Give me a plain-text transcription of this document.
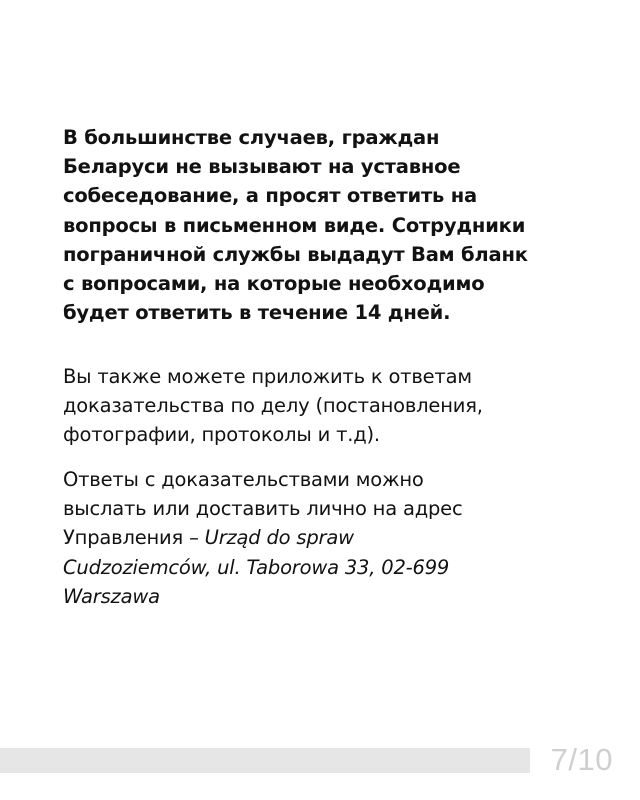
В большинстве случаев, граждан
Беларуси не вызывают на уставное
собеседование, а просят ответить на
вопросы в письменном виде. Сотрудники
пограничной службы выдадут Вам бланк
с вопросами, на которые необходимо
будет ответить в течение 14 дней.

Вы также можете приложить к ответам
доказательства по делу (постановления,
фотографии, протоколы и т.д).

Ответы с доказательствами можно
выслать или доставить лично на адрес
Управления – Urząd do spraw
Cudzoziemców, ul. Taborowa 33, 02-699
Warszawa

7/10
